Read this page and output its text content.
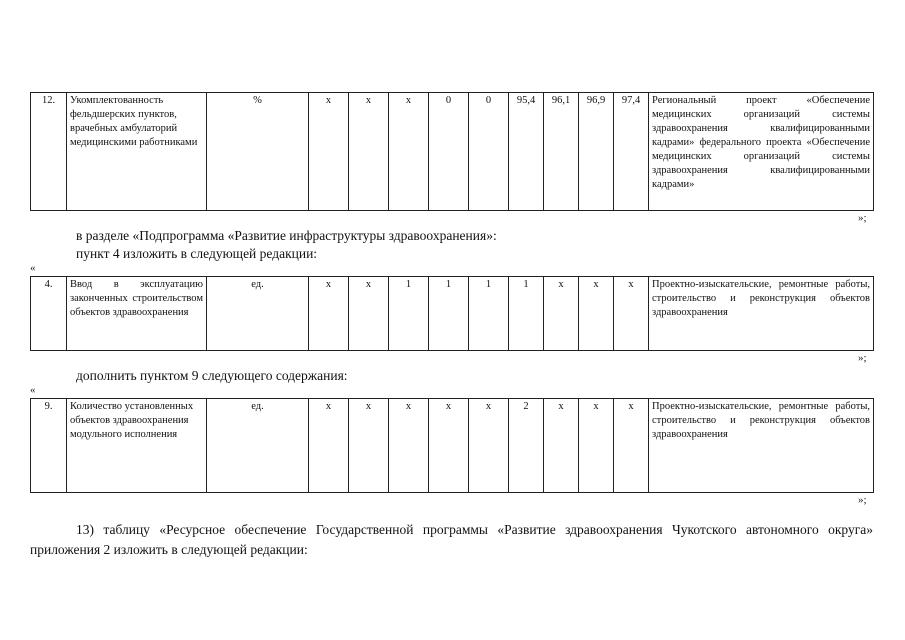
12.	Укомплектованность фельдшерских пунктов, врачебных амбулаторий медицинскими работниками	%	x	x	x	0	0	95,4	96,1	96,9	97,4	Региональный проект «Обеспечение медицинских организаций системы здравоохранения квалифицированными кадрами» федерального проекта «Обеспечение медицинских организаций системы здравоохранения квалифицированными кадрами»
»;
в разделе «Подпрограмма «Развитие инфраструктуры здравоохранения»:
пункт 4 изложить в следующей редакции:
«
4.	Ввод в эксплуатацию законченных строительством объектов здравоохранения	ед.	x	x	1	1	1	1	x	x	x	Проектно-изыскательские, ремонтные работы, строительство и реконструкция объектов здравоохранения
»;
дополнить пунктом 9 следующего содержания:
«
9.	Количество установленных объектов здравоохранения модульного исполнения	ед.	x	x	x	x	x	2	x	x	x	Проектно-изыскательские, ремонтные работы, строительство и реконструкция объектов здравоохранения
»;
13) таблицу «Ресурсное обеспечение Государственной программы «Развитие здравоохранения Чукотского автономного округа» приложения 2 изложить в следующей редакции:
